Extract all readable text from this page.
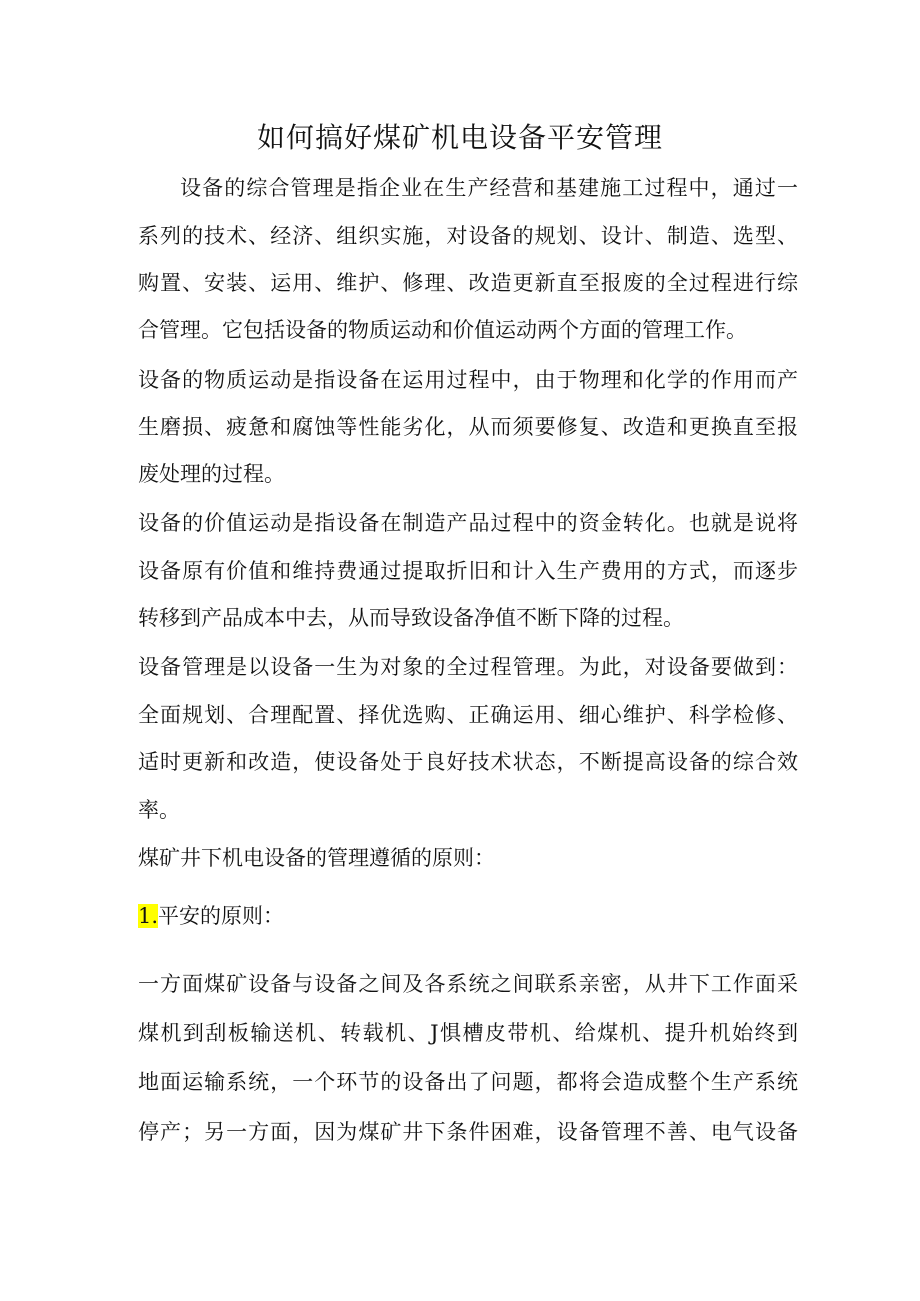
如何搞好煤矿机电设备平安管理

设备的综合管理是指企业在生产经营和基建施工过程中，通过一

系列的技术、经济、组织实施，对设备的规划、设计、制造、选型、

购置、安装、运用、维护、修理、改造更新直至报废的全过程进行综

合管理。它包括设备的物质运动和价值运动两个方面的管理工作。

设备的物质运动是指设备在运用过程中，由于物理和化学的作用而产

生磨损、疲惫和腐蚀等性能劣化，从而须要修复、改造和更换直至报

废处理的过程。

设备的价值运动是指设备在制造产品过程中的资金转化。也就是说将

设备原有价值和维持费通过提取折旧和计入生产费用的方式，而逐步

转移到产品成本中去，从而导致设备净值不断下降的过程。

设备管理是以设备一生为对象的全过程管理。为此，对设备要做到：

全面规划、合理配置、择优选购、正确运用、细心维护、科学检修、

适时更新和改造，使设备处于良好技术状态，不断提高设备的综合效

率。

煤矿井下机电设备的管理遵循的原则：

1.平安的原则：

一方面煤矿设备与设备之间及各系统之间联系亲密，从井下工作面采

煤机到刮板输送机、转载机、J惧槽皮带机、给煤机、提升机始终到

地面运输系统，一个环节的设备出了问题，都将会造成整个生产系统

停产；另一方面，因为煤矿井下条件困难，设备管理不善、电气设备
